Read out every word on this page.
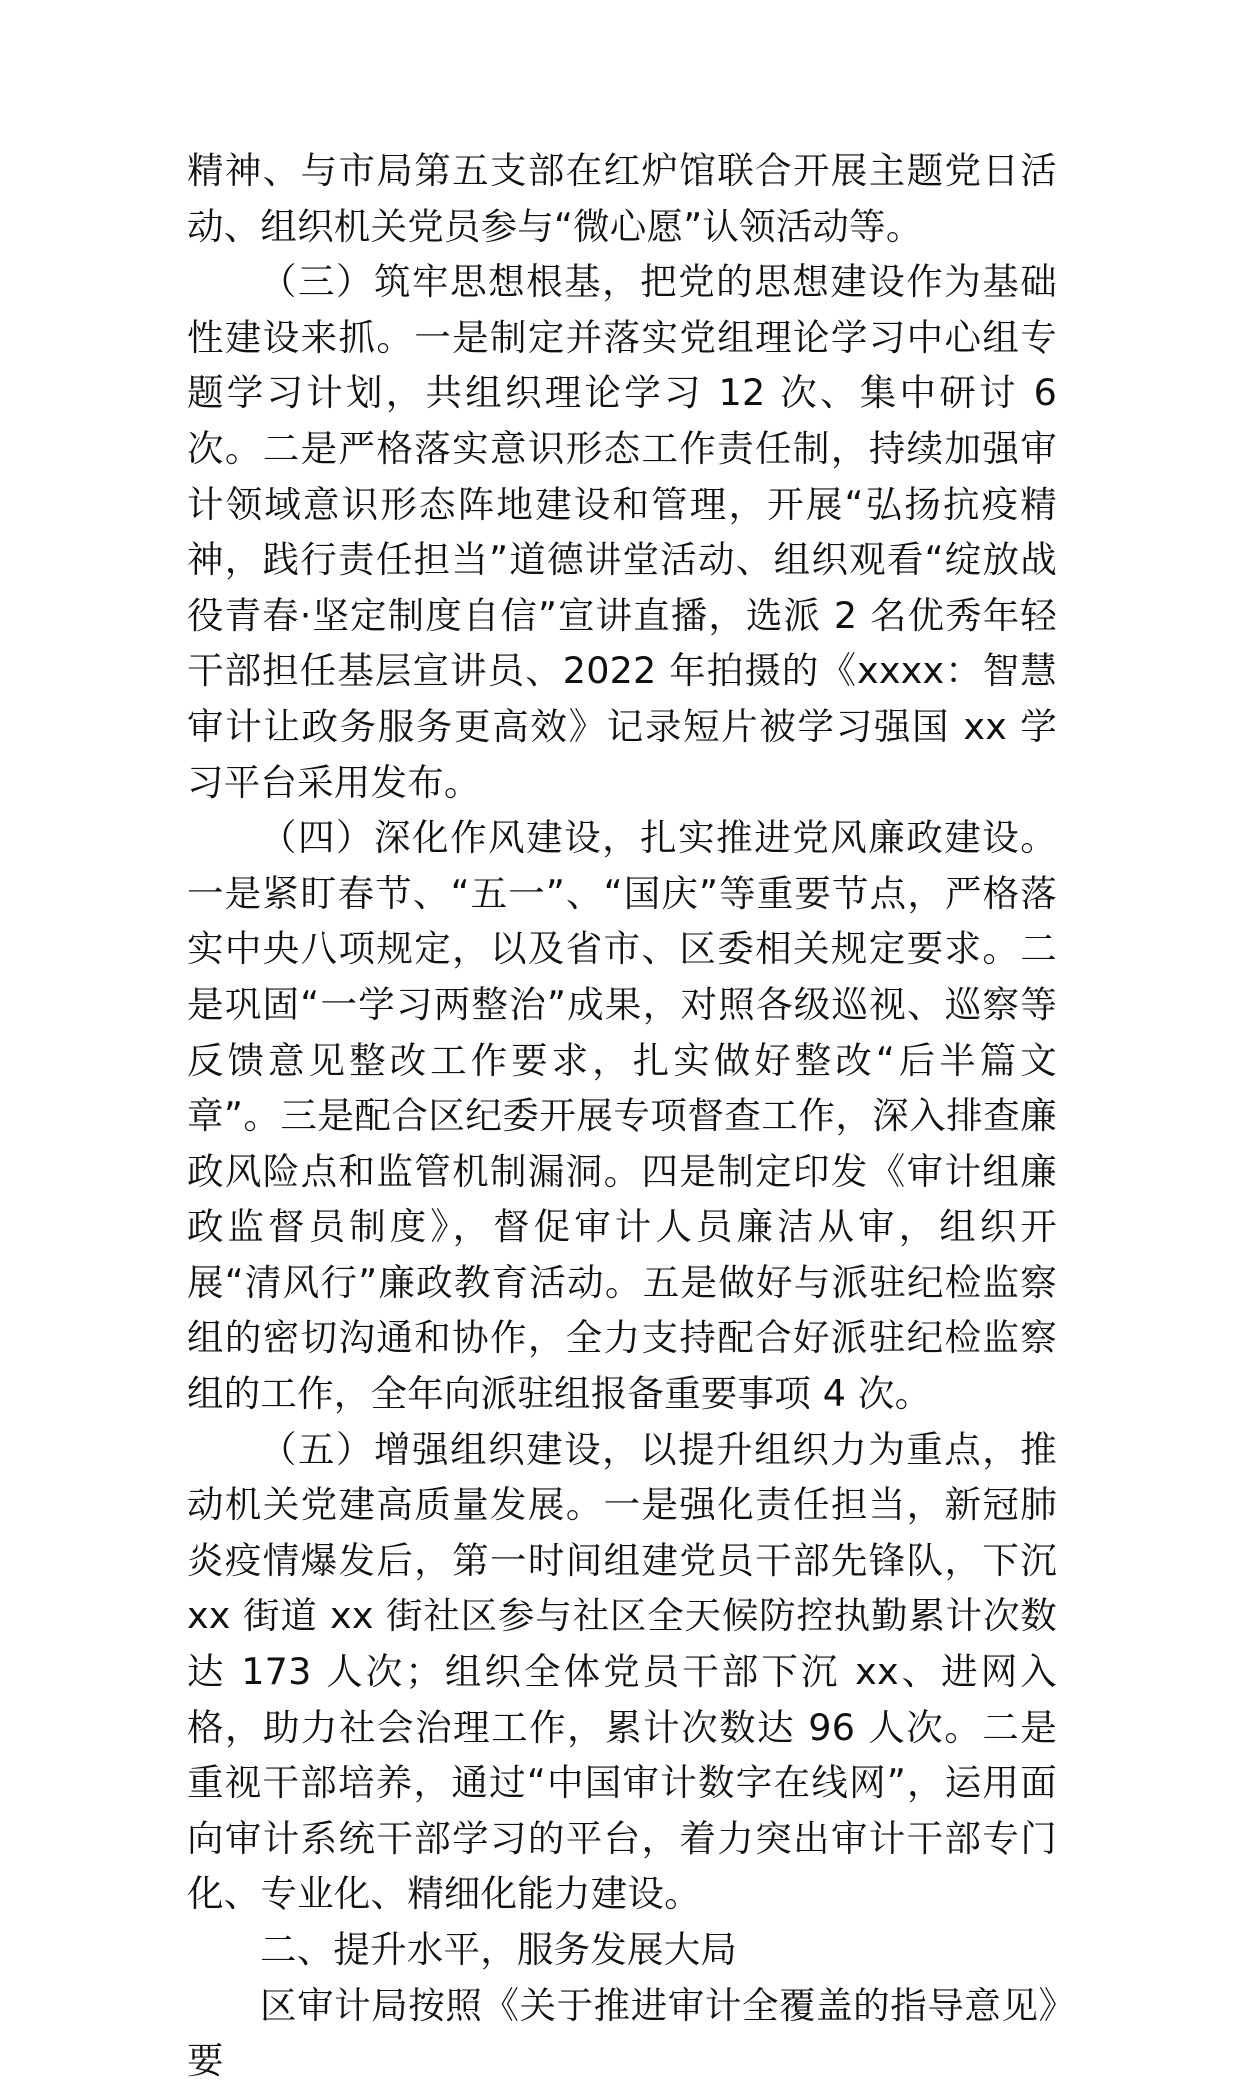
精神、与市局第五支部在红炉馆联合开展主题党日活动、组织机关党员参与“微心愿”认领活动等。

（三）筑牢思想根基，把党的思想建设作为基础性建设来抓。一是制定并落实党组理论学习中心组专题学习计划，共组织理论学习 12 次、集中研讨 6 次。二是严格落实意识形态工作责任制，持续加强审计领域意识形态阵地建设和管理，开展“弘扬抗疫精神，践行责任担当”道德讲堂活动、组织观看“绽放战役青春·坚定制度自信”宣讲直播，选派 2 名优秀年轻干部担任基层宣讲员、2022 年拍摄的《xxxx：智慧审计让政务服务更高效》记录短片被学习强国 xx 学习平台采用发布。

（四）深化作风建设，扎实推进党风廉政建设。一是紧盯春节、“五一”、“国庆”等重要节点，严格落实中央八项规定，以及省市、区委相关规定要求。二是巩固“一学习两整治”成果，对照各级巡视、巡察等反馈意见整改工作要求，扎实做好整改“后半篇文章”。三是配合区纪委开展专项督查工作，深入排查廉政风险点和监管机制漏洞。四是制定印发《审计组廉政监督员制度》，督促审计人员廉洁从审，组织开展“清风行”廉政教育活动。五是做好与派驻纪检监察组的密切沟通和协作，全力支持配合好派驻纪检监察组的工作，全年向派驻组报备重要事项 4 次。

（五）增强组织建设，以提升组织力为重点，推动机关党建高质量发展。一是强化责任担当，新冠肺炎疫情爆发后，第一时间组建党员干部先锋队，下沉 xx 街道 xx 街社区参与社区全天候防控执勤累计次数达 173 人次；组织全体党员干部下沉 xx、进网入格，助力社会治理工作，累计次数达 96 人次。二是重视干部培养，通过“中国审计数字在线网”，运用面向审计系统干部学习的平台，着力突出审计干部专门化、专业化、精细化能力建设。

二、提升水平，服务发展大局

区审计局按照《关于推进审计全覆盖的指导意见》要
